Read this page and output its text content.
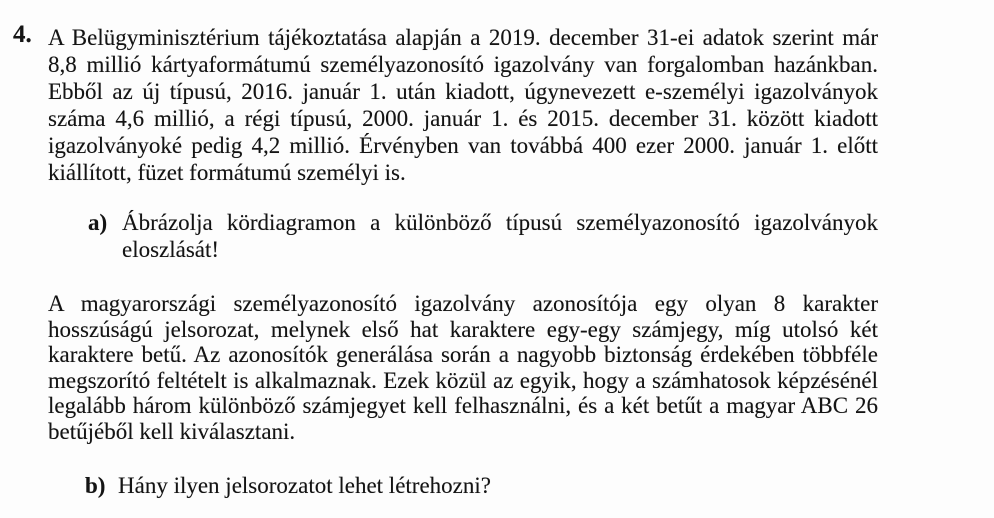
4. A Belügyminisztérium tájékoztatása alapján a 2019. december 31-ei adatok szerint már
8,8 millió kártyaformátumú személyazonosító igazolvány van forgalomban hazánkban.
Ebből az új típusú, 2016. január 1. után kiadott, úgynevezett e-személyi igazolványok
száma 4,6 millió, a régi típusú, 2000. január 1. és 2015. december 31. között kiadott
igazolványoké pedig 4,2 millió. Érvényben van továbbá 400 ezer 2000. január 1. előtt
kiállított, füzet formátumú személyi is.
a) Ábrázolja kördiagramon a különböző típusú személyazonosító igazolványok
eloszlását!
A magyarországi személyazonosító igazolvány azonosítója egy olyan 8 karakter
hosszúságú jelsorozat, melynek első hat karaktere egy-egy számjegy, míg utolsó két
karaktere betű. Az azonosítók generálása során a nagyobb biztonság érdekében többféle
megszorító feltételt is alkalmaznak. Ezek közül az egyik, hogy a számhatosok képzésénél
legalább három különböző számjegyet kell felhasználni, és a két betűt a magyar ABC 26
betűjéből kell kiválasztani.
b) Hány ilyen jelsorozatot lehet létrehozni?
